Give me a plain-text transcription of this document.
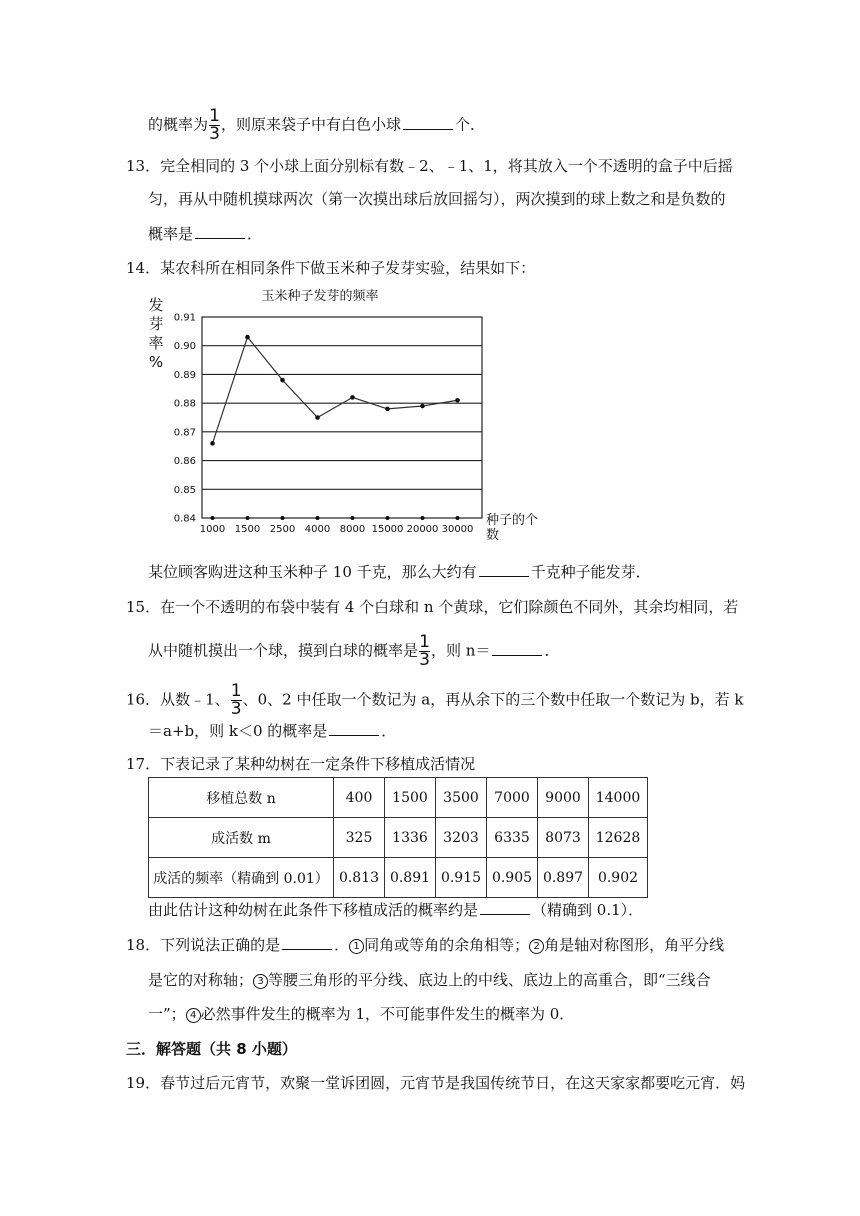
的概率为 $\frac{1}{3}$ ，则原来袋子中有白色小球	个．
13．完全相同的 3 个小球上面分别标有数﹣2、﹣1、1，将其放入一个不透明的盒子中后摇
匀，再从中随机摸球两次（第一次摸出球后放回摇匀），两次摸到的球上数之和是负数的
概率是	．
14．某农科所在相同条件下做玉米种子发芽实验，结果如下：
玉米种子发芽的频率
发
芽
率
%
0.84
0.85
0.86
0.87
0.88
0.89
0.90
0.91
1000 1500 2500 4000 8000 15000 20000 30000
种子的个
数
某位顾客购进这种玉米种子 10 千克，那么大约有	千克种子能发芽．
15．在一个不透明的布袋中装有 4 个白球和 n 个黄球，它们除颜色不同外，其余均相同，若
从中随机摸出一个球，摸到白球的概率是 $\frac{1}{3}$ ，则 n＝	．
16．从数﹣1、 $\frac{1}{3}$ 、0、2 中任取一个数记为 a，再从余下的三个数中任取一个数记为 b，若 k
＝a+b，则 k＜0 的概率是	．
17．下表记录了某种幼树在一定条件下移植成活情况
移植总数 n	400	1500	3500	7000	9000	14000
成活数 m	325	1336	3203	6335	8073	12628
成活的频率（精确到 0.01）	0.813	0.891	0.915	0.905	0.897	0.902
由此估计这种幼树在此条件下移植成活的概率约是	（精确到 0.1）．
18．下列说法正确的是	． 1 同角或等角的余角相等； 2 角是轴对称图形，角平分线
是它的对称轴； 3 等腰三角形的平分线、底边上的中线、底边上的高重合，即“三线合
一”； 4 必然事件发生的概率为 1，不可能事件发生的概率为 0．
三．解答题（共 8 小题）
19．春节过后元宵节，欢聚一堂诉团圆，元宵节是我国传统节日，在这天家家都要吃元宵．妈
